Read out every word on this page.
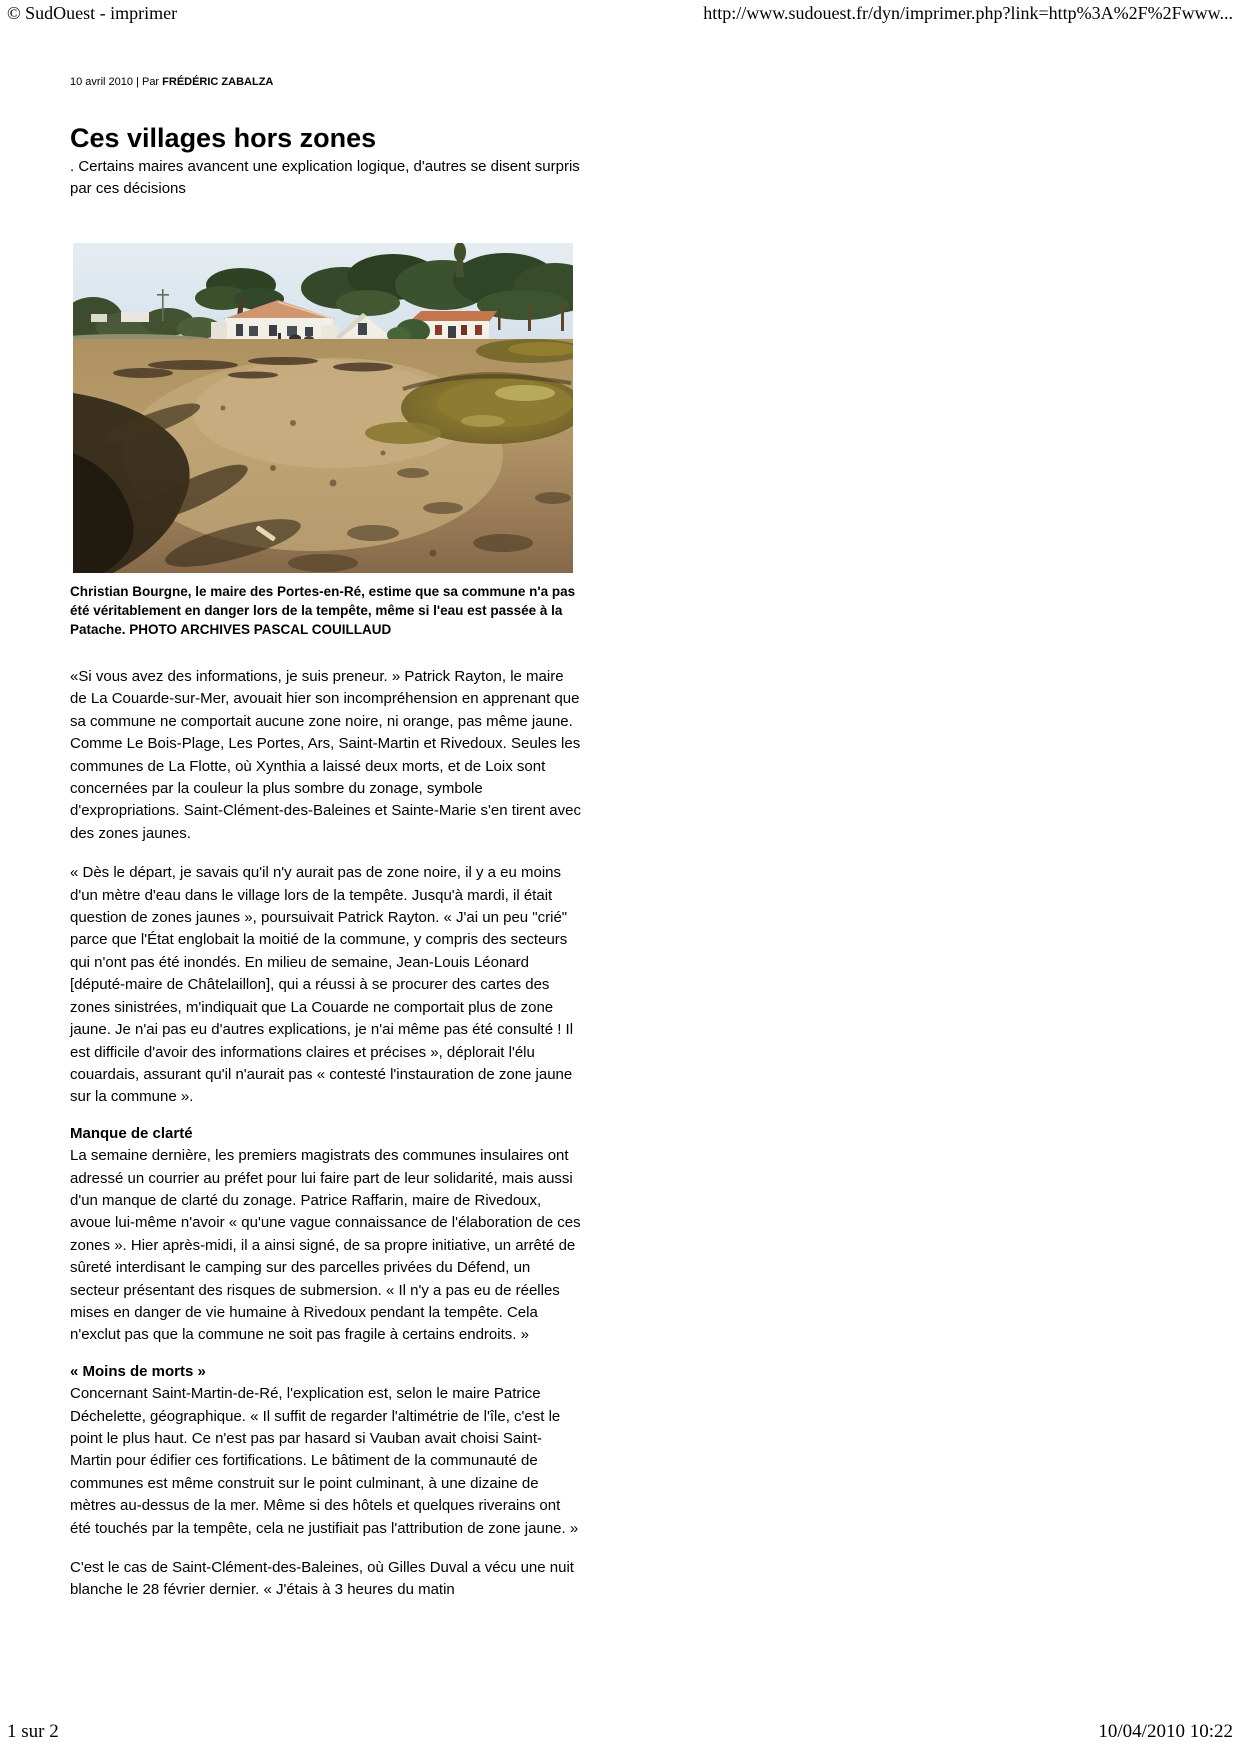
© SudOuest - imprimer	http://www.sudouest.fr/dyn/imprimer.php?link=http%3A%2F%2Fwww...
10 avril 2010 | Par FRÉDÉRIC ZABALZA
Ces villages hors zones
. Certains maires avancent une explication logique, d'autres se disent surpris par ces décisions
Christian Bourgne, le maire des Portes-en-Ré, estime que sa commune n'a pas été véritablement en danger lors de la tempête, même si l'eau est passée à la Patache. PHOTO ARCHIVES PASCAL COUILLAUD

«Si vous avez des informations, je suis preneur. » Patrick Rayton, le maire de La Couarde-sur-Mer, avouait hier son incompréhension en apprenant que sa commune ne comportait aucune zone noire, ni orange, pas même jaune. Comme Le Bois-Plage, Les Portes, Ars, Saint-Martin et Rivedoux. Seules les communes de La Flotte, où Xynthia a laissé deux morts, et de Loix sont concernées par la couleur la plus sombre du zonage, symbole d'expropriations. Saint-Clément-des-Baleines et Sainte-Marie s'en tirent avec des zones jaunes.

« Dès le départ, je savais qu'il n'y aurait pas de zone noire, il y a eu moins d'un mètre d'eau dans le village lors de la tempête. Jusqu'à mardi, il était question de zones jaunes », poursuivait Patrick Rayton. « J'ai un peu "crié" parce que l'État englobait la moitié de la commune, y compris des secteurs qui n'ont pas été inondés. En milieu de semaine, Jean-Louis Léonard [député-maire de Châtelaillon], qui a réussi à se procurer des cartes des zones sinistrées, m'indiquait que La Couarde ne comportait plus de zone jaune. Je n'ai pas eu d'autres explications, je n'ai même pas été consulté ! Il est difficile d'avoir des informations claires et précises », déplorait l'élu couardais, assurant qu'il n'aurait pas « contesté l'instauration de zone jaune sur la commune ».

Manque de clarté

La semaine dernière, les premiers magistrats des communes insulaires ont adressé un courrier au préfet pour lui faire part de leur solidarité, mais aussi d'un manque de clarté du zonage. Patrice Raffarin, maire de Rivedoux, avoue lui-même n'avoir « qu'une vague connaissance de l'élaboration de ces zones ». Hier après-midi, il a ainsi signé, de sa propre initiative, un arrêté de sûreté interdisant le camping sur des parcelles privées du Défend, un secteur présentant des risques de submersion. « Il n'y a pas eu de réelles mises en danger de vie humaine à Rivedoux pendant la tempête. Cela n'exclut pas que la commune ne soit pas fragile à certains endroits. »

« Moins de morts »

Concernant Saint-Martin-de-Ré, l'explication est, selon le maire Patrice Déchelette, géographique. « Il suffit de regarder l'altimétrie de l'île, c'est le point le plus haut. Ce n'est pas par hasard si Vauban avait choisi Saint-Martin pour édifier ces fortifications. Le bâtiment de la communauté de communes est même construit sur le point culminant, à une dizaine de mètres au-dessus de la mer. Même si des hôtels et quelques riverains ont été touchés par la tempête, cela ne justifiait pas l'attribution de zone jaune. »

C'est le cas de Saint-Clément-des-Baleines, où Gilles Duval a vécu une nuit blanche le 28 février dernier. « J'étais à 3 heures du matin

1 sur 2	10/04/2010 10:22
